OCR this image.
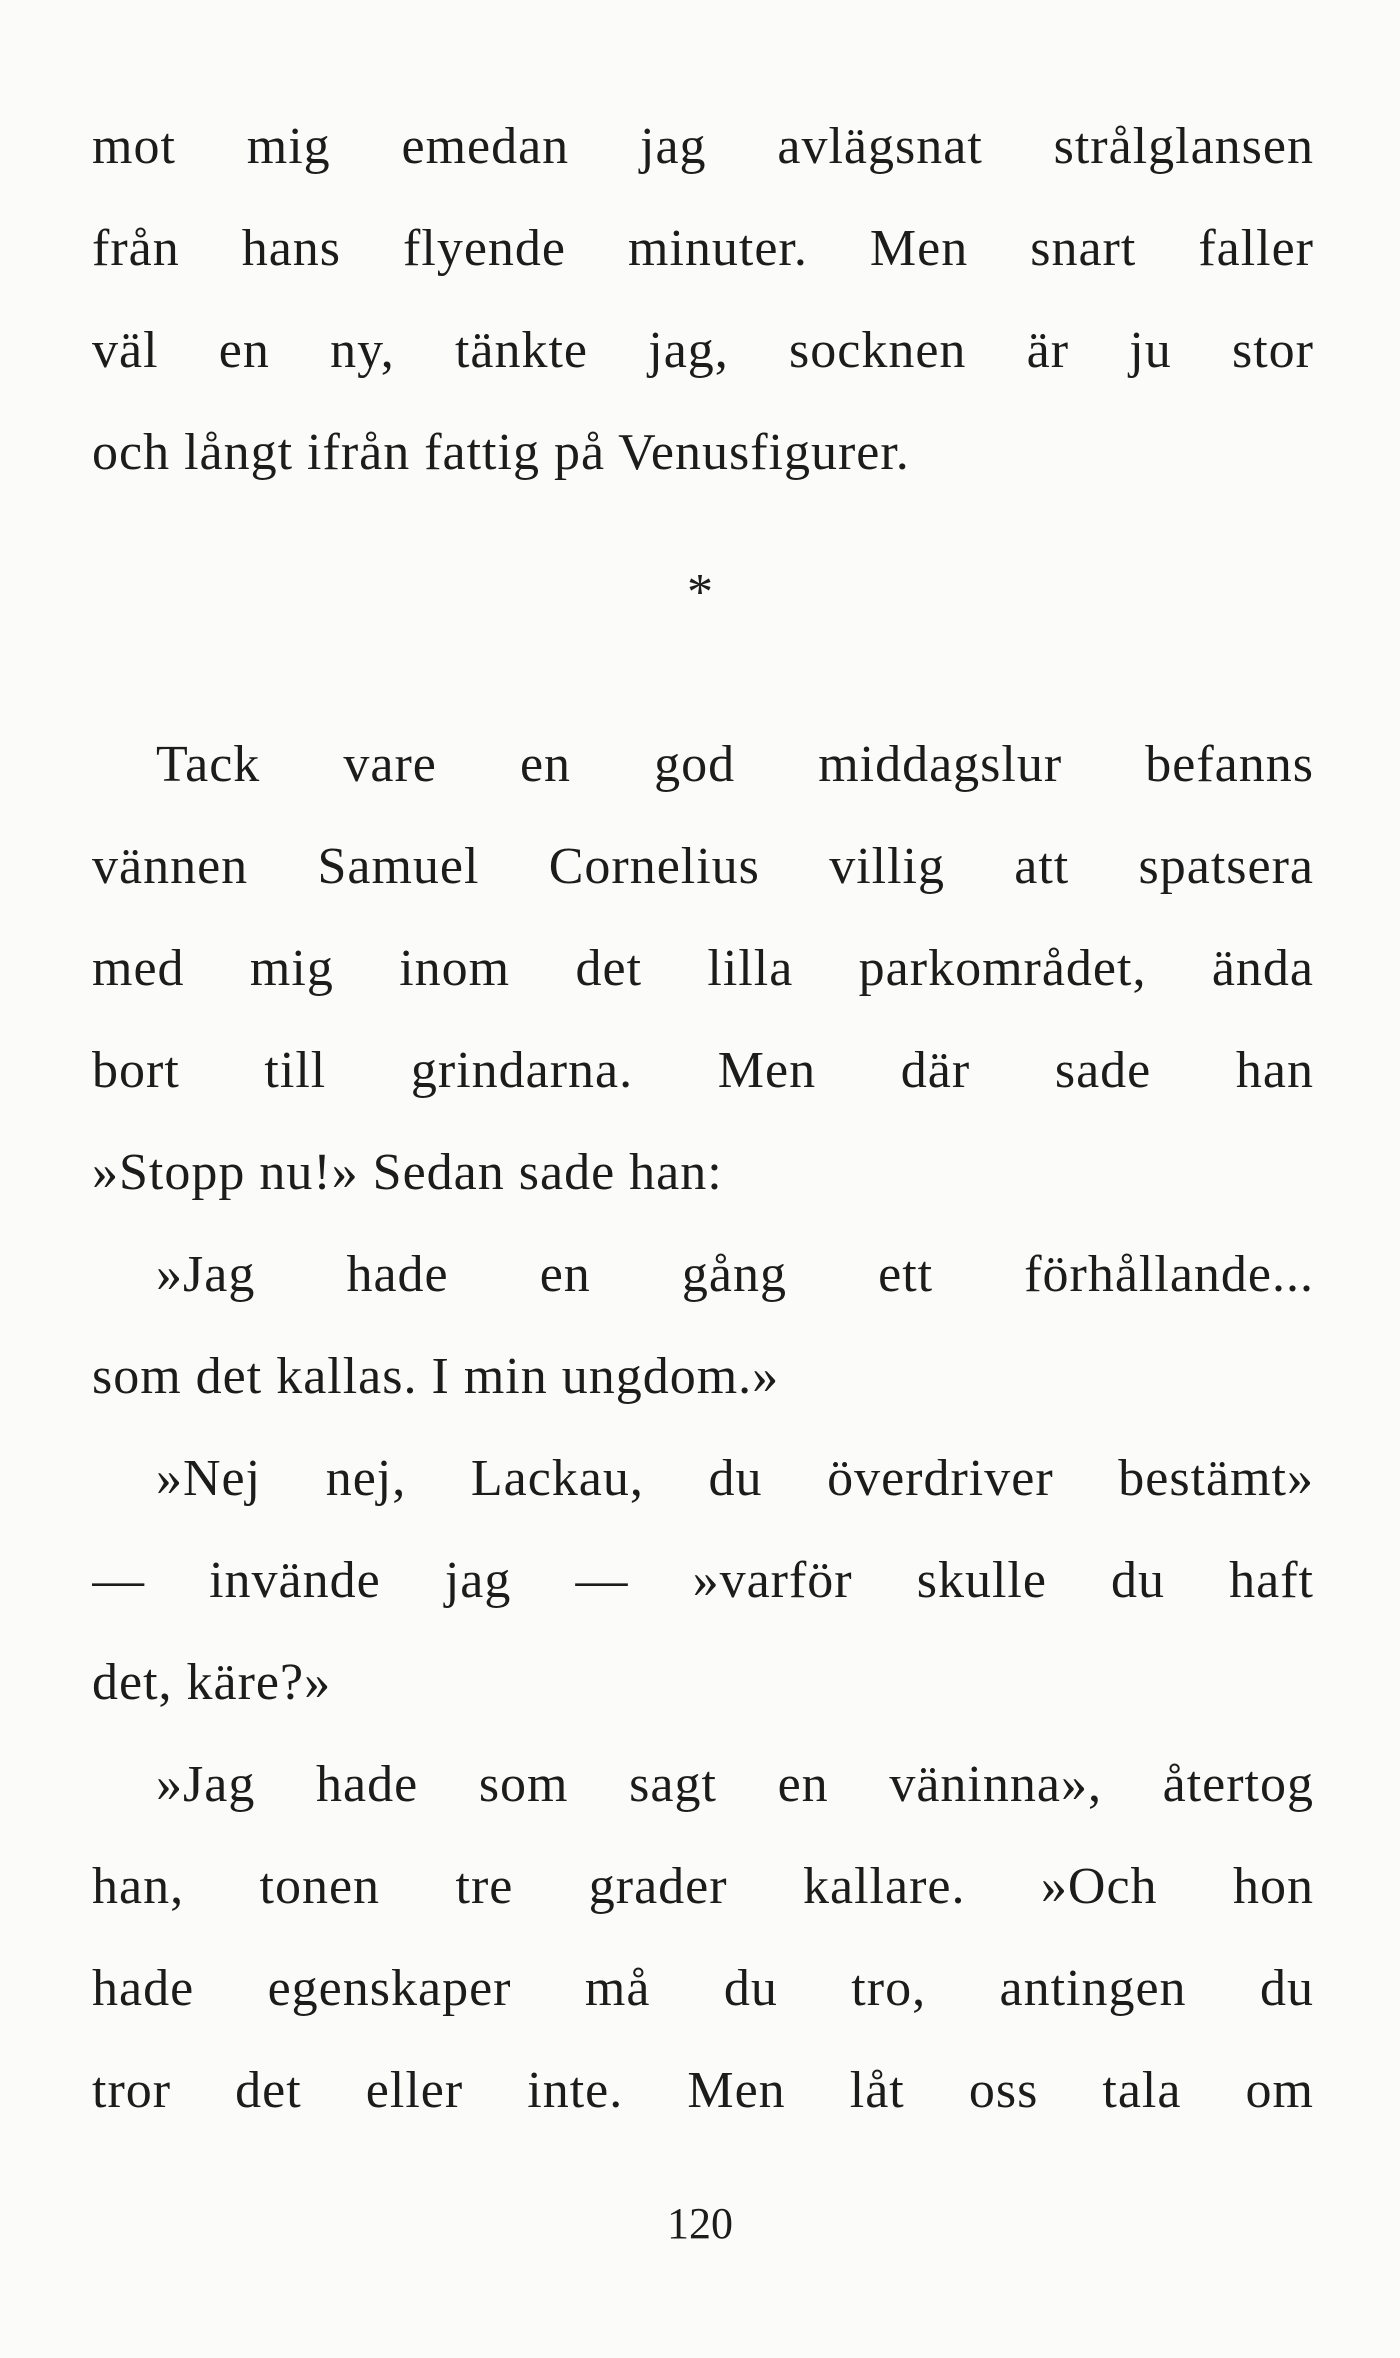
mot mig emedan jag avlägsnat strålglansen
från hans flyende minuter. Men snart faller
väl en ny, tänkte jag, socknen är ju stor
och långt ifrån fattig på Venusfigurer.
*
Tack vare en god middagslur befanns
vännen Samuel Cornelius villig att spatsera
med mig inom det lilla parkområdet, ända
bort till grindarna. Men där sade han
»Stopp nu!» Sedan sade han:
»Jag hade en gång ett förhållande...
som det kallas. I min ungdom.»
»Nej nej, Lackau, du överdriver bestämt»
— invände jag — »varför skulle du haft
det, käre?»
»Jag hade som sagt en väninna», återtog
han, tonen tre grader kallare. »Och hon
hade egenskaper må du tro, antingen du
tror det eller inte. Men låt oss tala om
120
